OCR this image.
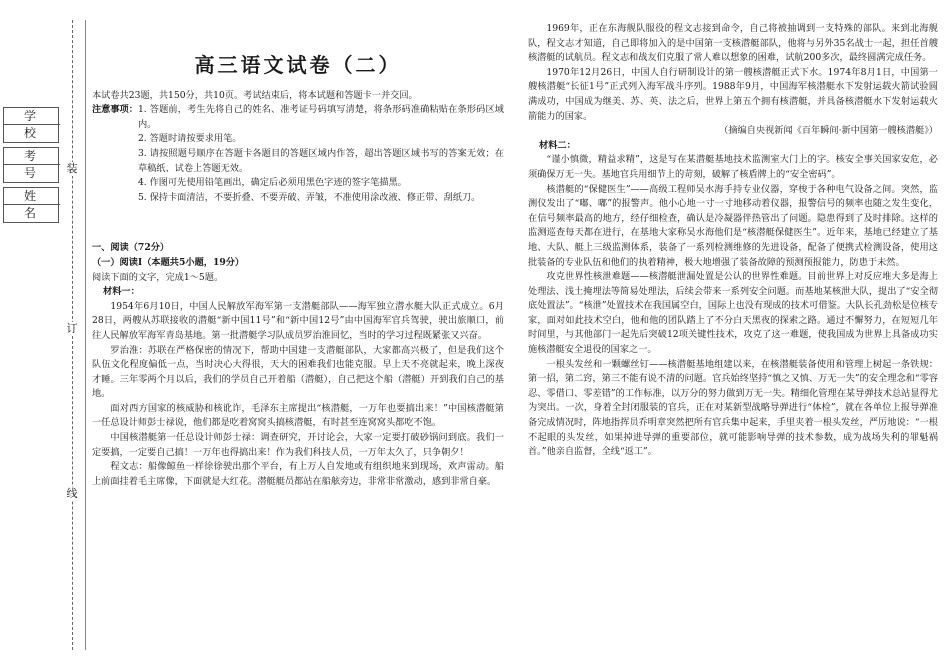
学 校
考 号
姓 名
装
订
线
高三语文试卷（二）

本试卷共23题，共150分，共10页。考试结束后，将本试题和答题卡一并交回。

注意事项： 1. 答题前，考生先将自己的姓名、准考证号码填写清楚，将条形码准确粘贴在条形码区域内。

2. 答题时请按要求用笔。

3. 请按照题号顺序在答题卡各题目的答题区域内作答，超出答题区域书写的答案无效；在草稿纸、试卷上答题无效。

4. 作图可先使用铅笔画出，确定后必须用黑色字迹的签字笔描黑。

5. 保持卡面清洁，不要折叠、不要弄破、弄皱，不准使用涂改液、修正带、刮纸刀。

一、阅读（72分）

（一）阅读Ⅰ（本题共5小题，19分）

阅读下面的文字，完成1～5题。

材料一：

1954年6月10日，中国人民解放军海军第一支潜艇部队——海军独立潜水艇大队正式成立。6月28日，两艘从苏联接收的潜艇“新中国11号”和“新中国12号”由中国海军官兵驾驶，驶出旅顺口，前往人民解放军海军青岛基地。第一批潜艇学习队成员罗治淮回忆，当时的学习过程既紧张又兴奋。

罗治淮：苏联在严格保密的情况下，帮助中国建一支潜艇部队，大家都高兴极了，但是我们这个队伍文化程度偏低一点，当时决心大得很，天大的困难我们也能克服。早上天不亮就起来，晚上深夜才睡。三年零两个月以后，我们的学员自己开着船（潜艇），自己把这个船（潜艇）开到我们自己的基地。

面对西方国家的核威胁和核讹诈，毛泽东主席提出“核潜艇，一万年也要搞出来！”中国核潜艇第一任总设计师彭士禄说，他们都是吃着窝窝头搞核潜艇，有时甚至连窝窝头都吃不饱。

中国核潜艇第一任总设计师彭士禄：调查研究，开讨论会，大家一定要打破砂锅问到底。我们一定要搞，一定要自己搞！一万年也得搞出来！作为我们科技人员，一万年太久了，只争朝夕！

程文志：船像鲸鱼一样徐徐驶出那个平台，有上万人自发地或有组织地来到现场，欢声雷动。船上前面挂着毛主席像，下面就是大红花。潜艇艇员都站在船舷旁边，非常非常激动，感到非常自豪。

1969年，正在东海舰队服役的程文志接到命令，自己将被抽调到一支特殊的部队。来到北海舰队，程文志才知道，自己即将加入的是中国第一支核潜艇部队，他将与另外35名战士一起，担任首艘核潜艇的试航员。程文志和战友们克服了常人难以想象的困难，试航200多次，最终圆满完成任务。

1970年12月26日，中国人自行研制设计的第一艘核潜艇正式下水。1974年8月1日，中国第一艘核潜艇“长征1号”正式列入海军战斗序列。1988年9月，中国海军核潜艇水下发射运载火箭试验圆满成功，中国成为继美、苏、英、法之后，世界上第五个拥有核潜艇，并具备核潜艇水下发射运载火箭能力的国家。

（摘编自央视新闻《百年瞬间·新中国第一艘核潜艇》）

材料二：

“谨小慎微，精益求精”，这是写在某潜艇基地技术监测室大门上的字。核安全事关国家安危，必须确保万无一失。基地官兵用细节上的苛刻，破解了核盾牌上的“安全密码”。

核潜艇的“保健医生”——高级工程师吴水海手持专业仪器，穿梭于各种电气设备之间。突然，监测仪发出了“嘟、嘟”的报警声。他小心地一寸一寸地移动着仪器，报警信号的频率也随之发生变化，在信号频率最高的地方，经仔细检查，确认是冷凝器伴热管出了问题。隐患得到了及时排除。这样的监测巡查每天都在进行，在基地大家称吴水海他们是“核潜艇保健医生”。近年来，基地已经建立了基地、大队、艇上三级监测体系，装备了一系列检测维修的先进设备，配备了便携式检测设备，使用这批装备的专业队伍和他们的执着精神，极大地增强了装备故障的预测预报能力，防患于未然。

攻克世界性核泄难题——核潜艇泄漏处置是公认的世界性难题。目前世界上对反应堆大多是海上处理法、浅土掩埋法等简易处理法，后续会带来一系列安全问题。而基地某核泄大队，提出了“安全彻底处置法”。“核泄”处置技术在我国属空白，国际上也没有现成的技术可借鉴。大队长孔劲松是位核专家，面对如此技术空白，他和他的团队踏上了不分白天黑夜的探索之路。通过不懈努力，在短短几年时间里，与其他部门一起先后突破12项关键性技术，攻克了这一难题，使我国成为世界上具备成功实施核潜艇安全退役的国家之一。

一根头发丝和一颗螺丝钉——核潜艇基地组建以来，在核潜艇装备使用和管理上树起一条铁规：第一招，第二窍，第三不能有说不清的问题。官兵始终坚持“慎之又慎、万无一失”的安全理念和“零容忍、零借口、零差错”的工作标准，以万分的努力做到万无一失。精细化管理在某导弹技术总站显得尤为突出。一次，身着全封闭服装的官兵，正在对某新型战略导弹进行“体检”，就在各单位上报导弹准备完成情况时，阵地指挥员乔明章突然把所有官兵集中起来，手里夹着一根头发丝，严厉地说：“一根不起眼的头发丝，如果掉进导弹的重要部位，就可能影响导弹的技术参数，成为战场失利的罪魁祸首。”他亲自监督，全线“返工”。
